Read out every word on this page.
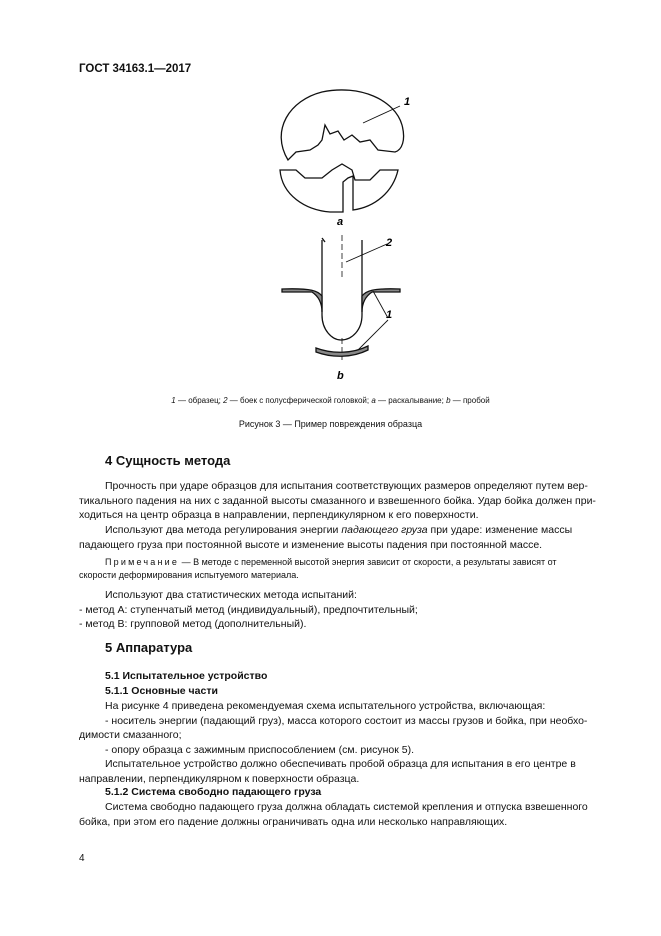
ГОСТ 34163.1—2017
1
а
2
1
b
1 — образец; 2 — боек с полусферической головкой; а — раскалывание; b — пробой
Рисунок 3 — Пример повреждения образца
4 Сущность метода
Прочность при ударе образцов для испытания соответствующих размеров определяют путем вер-
тикального падения на них с заданной высоты смазанного и взвешенного бойка. Удар бойка должен при-
ходиться на центр образца в направлении, перпендикулярном к его поверхности.
Используют два метода регулирования энергии падающего груза при ударе: изменение массы
падающего груза при постоянной высоте и изменение высоты падения при постоянной массе.
Примечание — В методе с переменной высотой энергия зависит от скорости, а результаты зависят от
скорости деформирования испытуемого материала.
Используют два статистических метода испытаний:
- метод A: ступенчатый метод (индивидуальный), предпочтительный;
- метод B: групповой метод (дополнительный).
5 Аппаратура
5.1 Испытательное устройство
5.1.1 Основные части
На рисунке 4 приведена рекомендуемая схема испытательного устройства, включающая:
- носитель энергии (падающий груз), масса которого состоит из массы грузов и бойка, при необхо-
димости смазанного;
- опору образца с зажимным приспособлением (см. рисунок 5).
Испытательное устройство должно обеспечивать пробой образца для испытания в его центре в
направлении, перпендикулярном к поверхности образца.
5.1.2 Система свободно падающего груза
Система свободно падающего груза должна обладать системой крепления и отпуска взвешенного
бойка, при этом его падение должны ограничивать одна или несколько направляющих.
4
